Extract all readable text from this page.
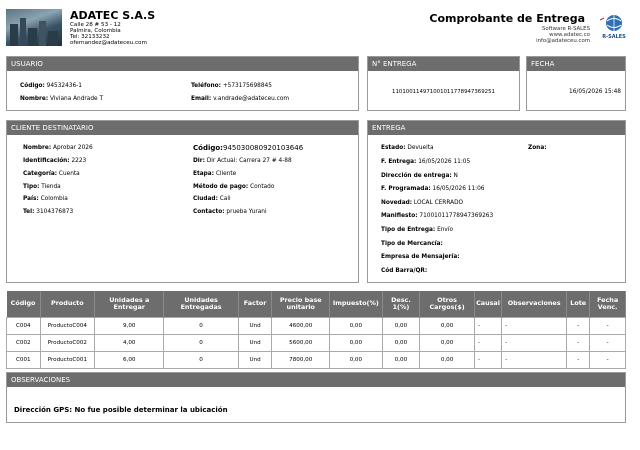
ADATEC S.A.S
Calle 28 # 53 - 12
Palmira, Colombia
Tel: 32133232
ofernandez@adateceu.com
Comprobante de Entrega
Software R-SALES
www.adatec.co
info@adateceu.com
R-SALES
USUARIO
Código: 94532436-1	Teléfono: +573175698845
Nombre: Viviana Andrade T	Email: v.andrade@adateceu.com
N° ENTREGA
110100114971001011778947369251
FECHA
16/05/2026 15:48
CLIENTE DESTINATARIO
Nombre: Aprobar 2026	Código:945030080920103646
Identificación: 2223	Dir: Dir Actual: Carrera 27 # 4-88
Categoría: Cuenta	Etapa: Cliente
Tipo: Tienda	Método de pago: Contado
País: Colombia	Ciudad: Cali
Tel: 3104376873	Contacto: prueba Yurani
ENTREGA
Estado: Devuelta	Zona:
F. Entrega: 16/05/2026 11:05
Dirección de entrega: N
F. Programada: 16/05/2026 11:06
Novedad: LOCAL CERRADO
Manifiesto: 71001011778947369263
Tipo de Entrega: Envío
Tipo de Mercancía:
Empresa de Mensajería:
Cód Barra/QR:
Código	Producto	Unidades a Entregar	Unidades Entregadas	Factor	Precio base unitario	Impuesto(%)	Desc. 1(%)	Otros Cargos($)	Causal	Observaciones	Lote	Fecha Venc.
C004	ProductoC004	9,00	0	Und	4600,00	0,00	0,00	0,00	-	-	-	-
C002	ProductoC002	4,00	0	Und	5600,00	0,00	0,00	0,00	-	-	-	-
C001	ProductoC001	6,00	0	Und	7800,00	0,00	0,00	0,00	-	-	-	-
OBSERVACIONES
Dirección GPS: No fue posible determinar la ubicación
